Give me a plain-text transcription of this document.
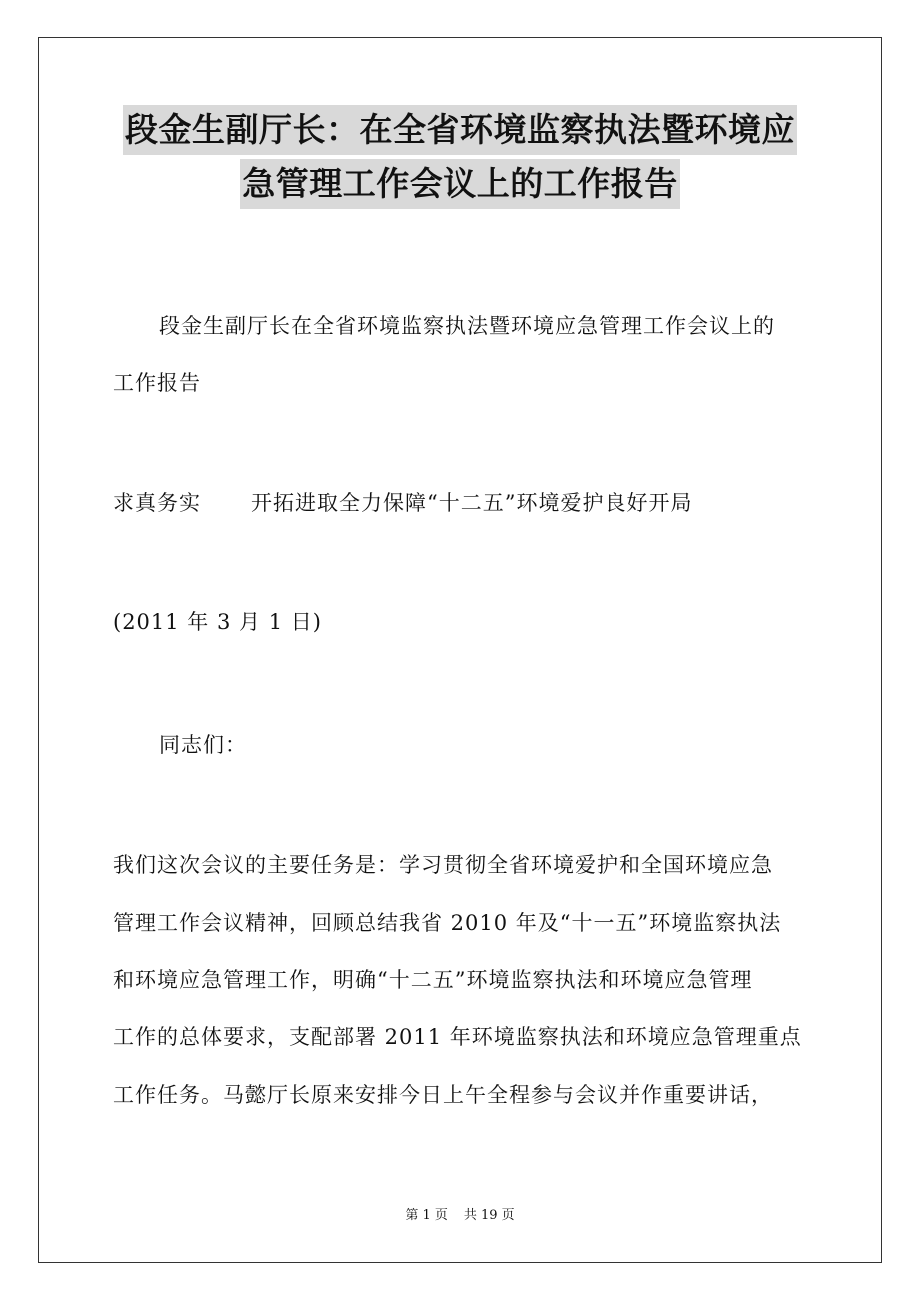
段金生副厅长：在全省环境监察执法暨环境应
急管理工作会议上的工作报告
段金生副厅长在全省环境监察执法暨环境应急管理工作会议上的
工作报告
求真务实 开拓进取全力保障“十二五”环境爱护良好开局
(2011 年 3 月 1 日)
同志们：
我们这次会议的主要任务是：学习贯彻全省环境爱护和全国环境应急
管理工作会议精神，回顾总结我省 2010 年及“十一五”环境监察执法
和环境应急管理工作，明确“十二五”环境监察执法和环境应急管理
工作的总体要求，支配部署 2011 年环境监察执法和环境应急管理重点
工作任务。马懿厅长原来安排今日上午全程参与会议并作重要讲话，
第 1 页 共 19 页
